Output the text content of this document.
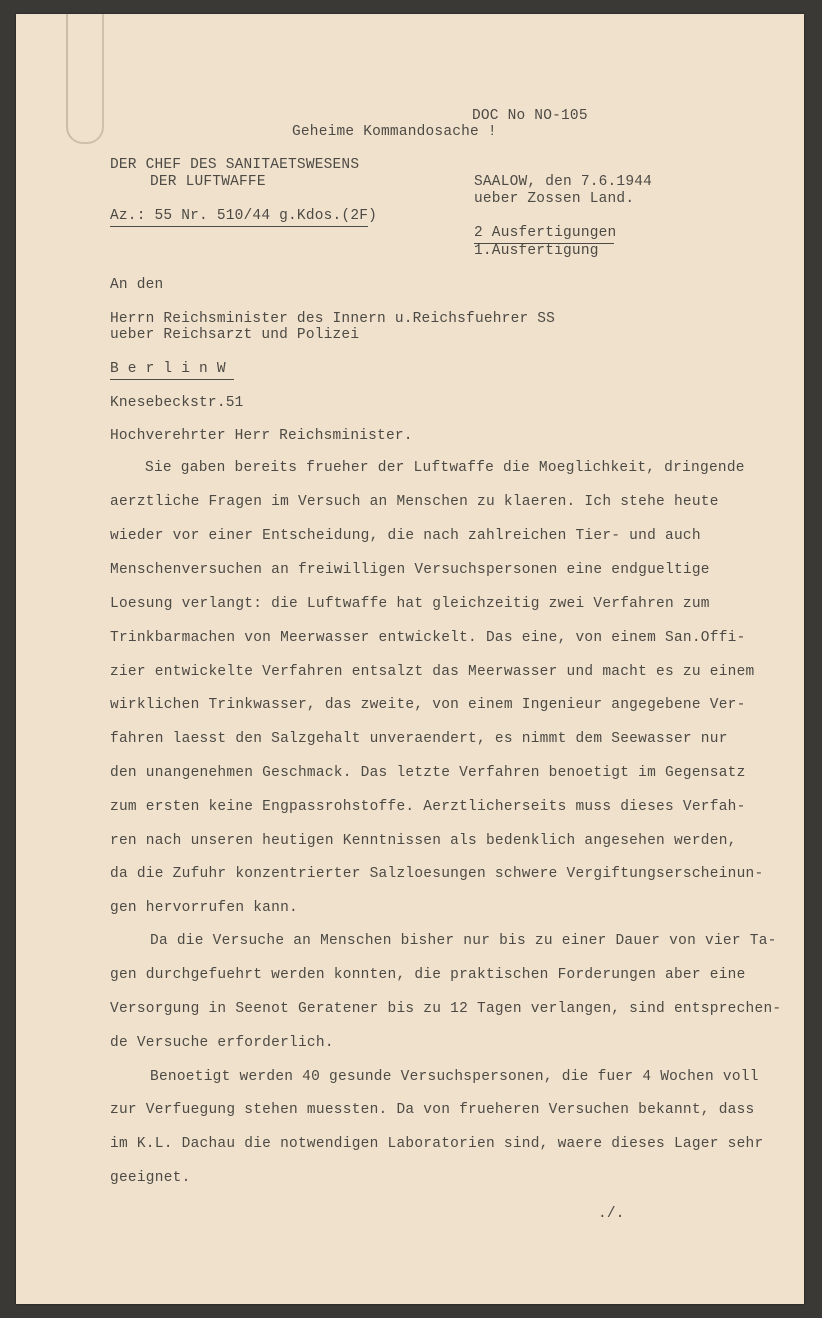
DOC No NO-105
Geheime Kommandosache !
DER CHEF DES SANITAETSWESENS
DER LUFTWAFFE
Az.: 55 Nr. 510/44 g.Kdos.(2F)
SAALOW, den 7.6.1944
ueber Zossen Land.
2 Ausfertigungen
1.Ausfertigung
An den
Herrn Reichsminister des Innern u.Reichsfuehrer SS
ueber Reichsarzt und Polizei
B e r l i n W
Knesebeckstr.51
Hochverehrter Herr Reichsminister.
Sie gaben bereits frueher der Luftwaffe die Moeglichkeit, dringende
aerztliche Fragen im Versuch an Menschen zu klaeren. Ich stehe heute
wieder vor einer Entscheidung, die nach zahlreichen Tier- und auch
Menschenversuchen an freiwilligen Versuchspersonen eine endgueltige
Loesung verlangt: die Luftwaffe hat gleichzeitig zwei Verfahren zum
Trinkbarmachen von Meerwasser entwickelt. Das eine, von einem San.Offi-
zier entwickelte Verfahren entsalzt das Meerwasser und macht es zu einem
wirklichen Trinkwasser, das zweite, von einem Ingenieur angegebene Ver-
fahren laesst den Salzgehalt unveraendert, es nimmt dem Seewasser nur
den unangenehmen Geschmack. Das letzte Verfahren benoetigt im Gegensatz
zum ersten keine Engpassrohstoffe. Aerztlicherseits muss dieses Verfah-
ren nach unseren heutigen Kenntnissen als bedenklich angesehen werden,
da die Zufuhr konzentrierter Salzloesungen schwere Vergiftungserscheinun-
gen hervorrufen kann.
Da die Versuche an Menschen bisher nur bis zu einer Dauer von vier Ta-
gen durchgefuehrt werden konnten, die praktischen Forderungen aber eine
Versorgung in Seenot Geratener bis zu 12 Tagen verlangen, sind entsprechen-
de Versuche erforderlich.
Benoetigt werden 40 gesunde Versuchspersonen, die fuer 4 Wochen voll
zur Verfuegung stehen muessten. Da von frueheren Versuchen bekannt, dass
im K.L. Dachau die notwendigen Laboratorien sind, waere dieses Lager sehr
geeignet.
./.
